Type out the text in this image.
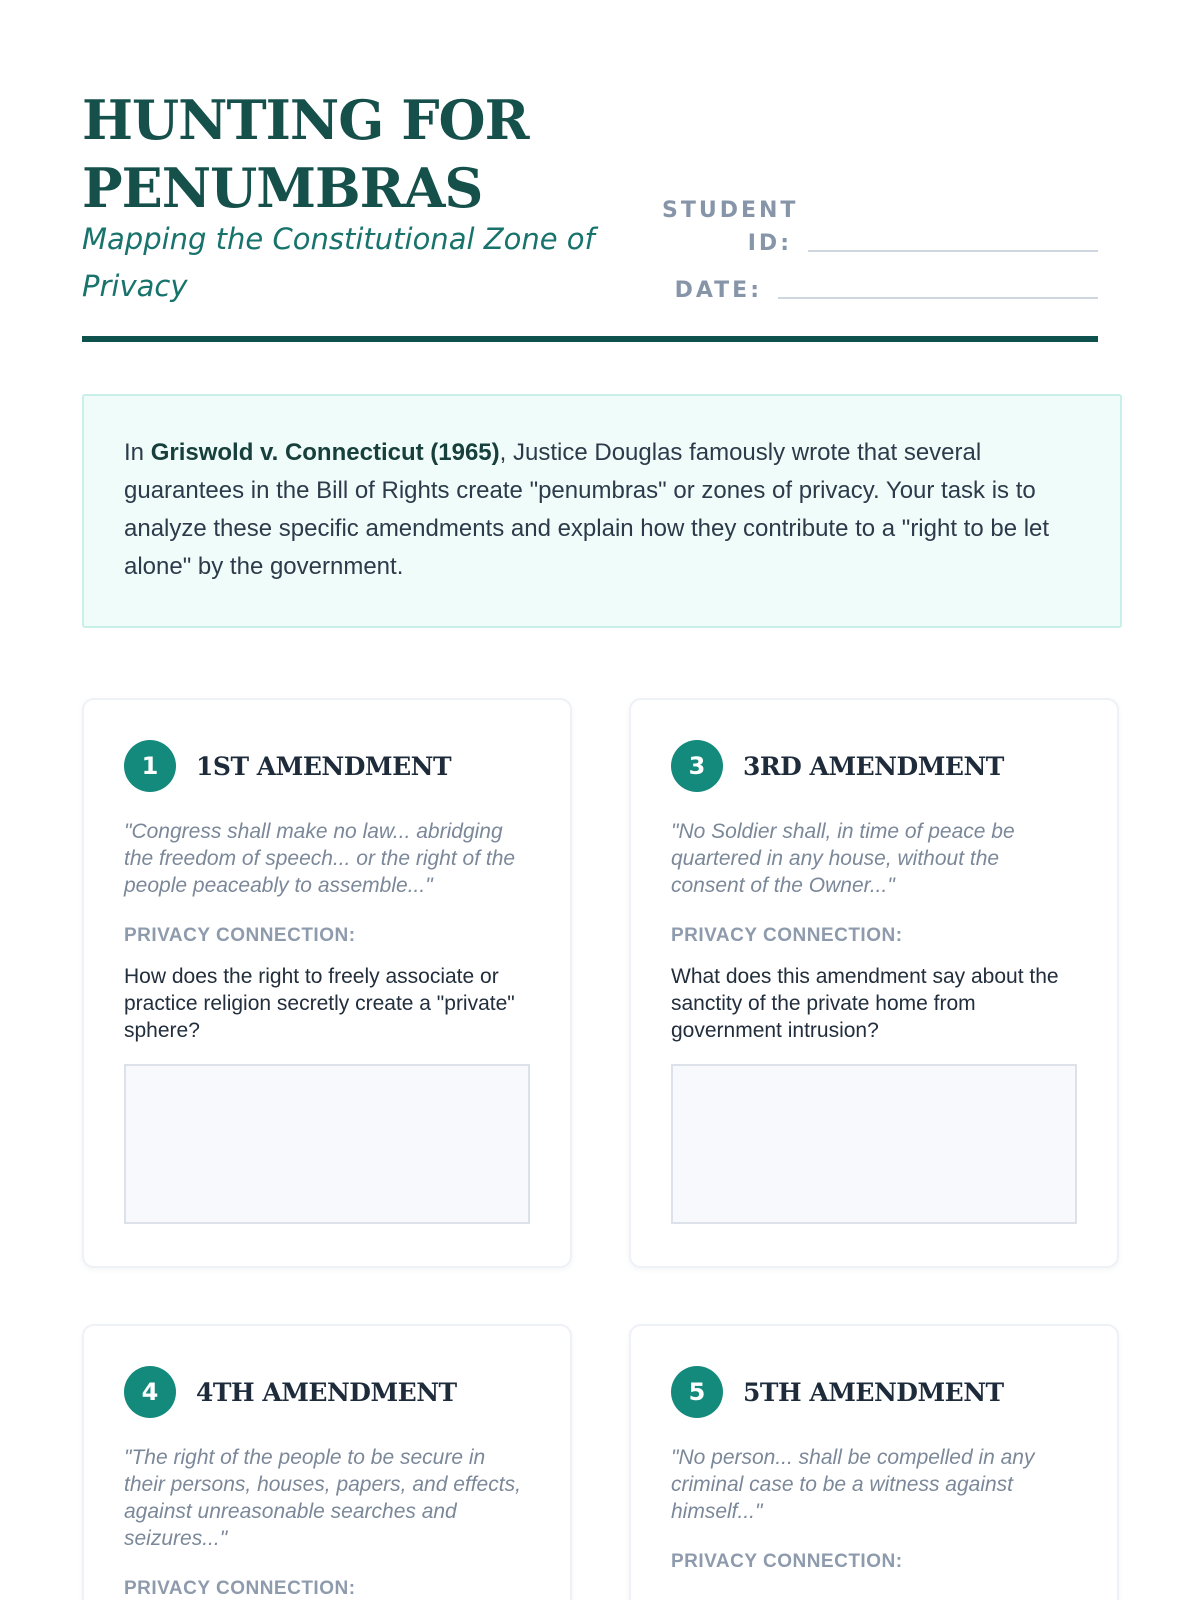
HUNTING FOR PENUMBRAS
Mapping the Constitutional Zone of Privacy
STUDENT ID:
DATE:
In Griswold v. Connecticut (1965), Justice Douglas famously wrote that several guarantees in the Bill of Rights create "penumbras" or zones of privacy. Your task is to analyze these specific amendments and explain how they contribute to a "right to be let alone" by the government.
1	1ST AMENDMENT
"Congress shall make no law... abridging the freedom of speech... or the right of the people peaceably to assemble..."
PRIVACY CONNECTION:
How does the right to freely associate or practice religion secretly create a "private" sphere?
3	3RD AMENDMENT
"No Soldier shall, in time of peace be quartered in any house, without the consent of the Owner..."
PRIVACY CONNECTION:
What does this amendment say about the sanctity of the private home from government intrusion?
4	4TH AMENDMENT
"The right of the people to be secure in their persons, houses, papers, and effects, against unreasonable searches and seizures..."
PRIVACY CONNECTION:
5	5TH AMENDMENT
"No person... shall be compelled in any criminal case to be a witness against himself..."
PRIVACY CONNECTION:
